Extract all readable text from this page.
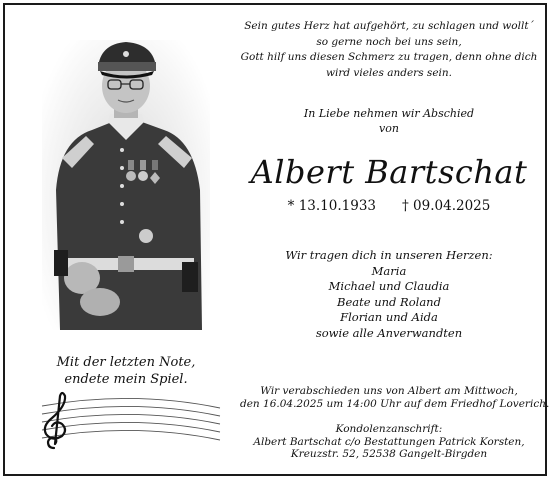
Mit der letzten Note,
endete mein Spiel.
Sein gutes Herz hat aufgehört, zu schlagen und wollt´
so gerne noch bei uns sein,
Gott hilf uns diesen Schmerz zu tragen, denn ohne dich
wird vieles anders sein.
In Liebe nehmen wir Abschied
von
Albert Bartschat
* 13.10.1933 † 09.04.2025
Wir tragen dich in unseren Herzen:
Maria
Michael und Claudia
Beate und Roland
Florian und Aida
sowie alle Anverwandten
Wir verabschieden uns von Albert am Mittwoch,
den 16.04.2025 um 14:00 Uhr auf dem Friedhof Loverich.
Kondolenzanschrift:
Albert Bartschat c/o Bestattungen Patrick Korsten,
Kreuzstr. 52, 52538 Gangelt-Birgden
